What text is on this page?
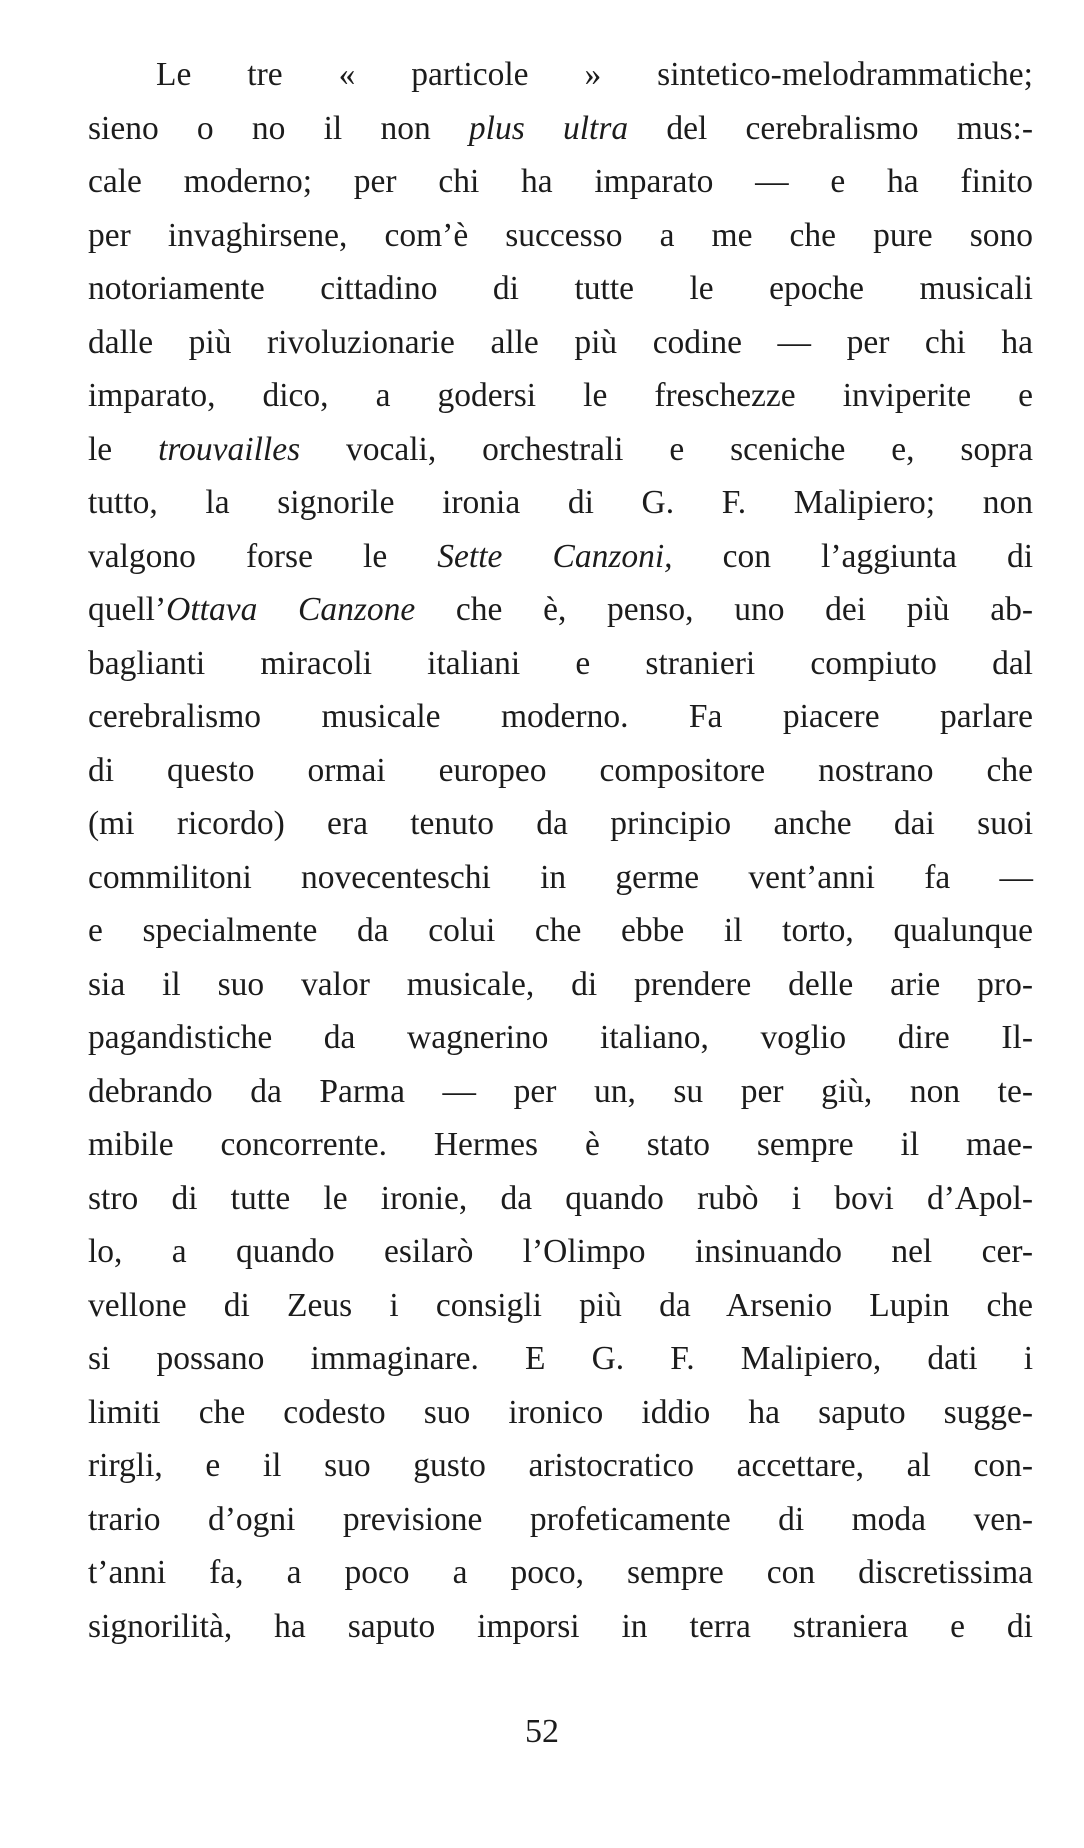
Le tre « particole » sintetico-melodrammatiche;
sieno o no il non plus ultra del cerebralismo mus:-
cale moderno; per chi ha imparato — e ha finito
per invaghirsene, com’è successo a me che pure sono
notoriamente cittadino di tutte le epoche musicali
dalle più rivoluzionarie alle più codine — per chi ha
imparato, dico, a godersi le freschezze inviperite e
le trouvailles vocali, orchestrali e sceniche e, sopra
tutto, la signorile ironia di G. F. Malipiero; non
valgono forse le Sette Canzoni, con l’aggiunta di
quell’Ottava Canzone che è, penso, uno dei più ab-
baglianti miracoli italiani e stranieri compiuto dal
cerebralismo musicale moderno. Fa piacere parlare
di questo ormai europeo compositore nostrano che
(mi ricordo) era tenuto da principio anche dai suoi
commilitoni novecenteschi in germe vent’anni fa —
e specialmente da colui che ebbe il torto, qualunque
sia il suo valor musicale, di prendere delle arie pro-
pagandistiche da wagnerino italiano, voglio dire Il-
debrando da Parma — per un, su per giù, non te-
mibile concorrente. Hermes è stato sempre il mae-
stro di tutte le ironie, da quando rubò i bovi d’Apol-
lo, a quando esilarò l’Olimpo insinuando nel cer-
vellone di Zeus i consigli più da Arsenio Lupin che
si possano immaginare. E G. F. Malipiero, dati i
limiti che codesto suo ironico iddio ha saputo sugge-
rirgli, e il suo gusto aristocratico accettare, al con-
trario d’ogni previsione profeticamente di moda ven-
t’anni fa, a poco a poco, sempre con discretissima
signorilità, ha saputo imporsi in terra straniera e di
52
